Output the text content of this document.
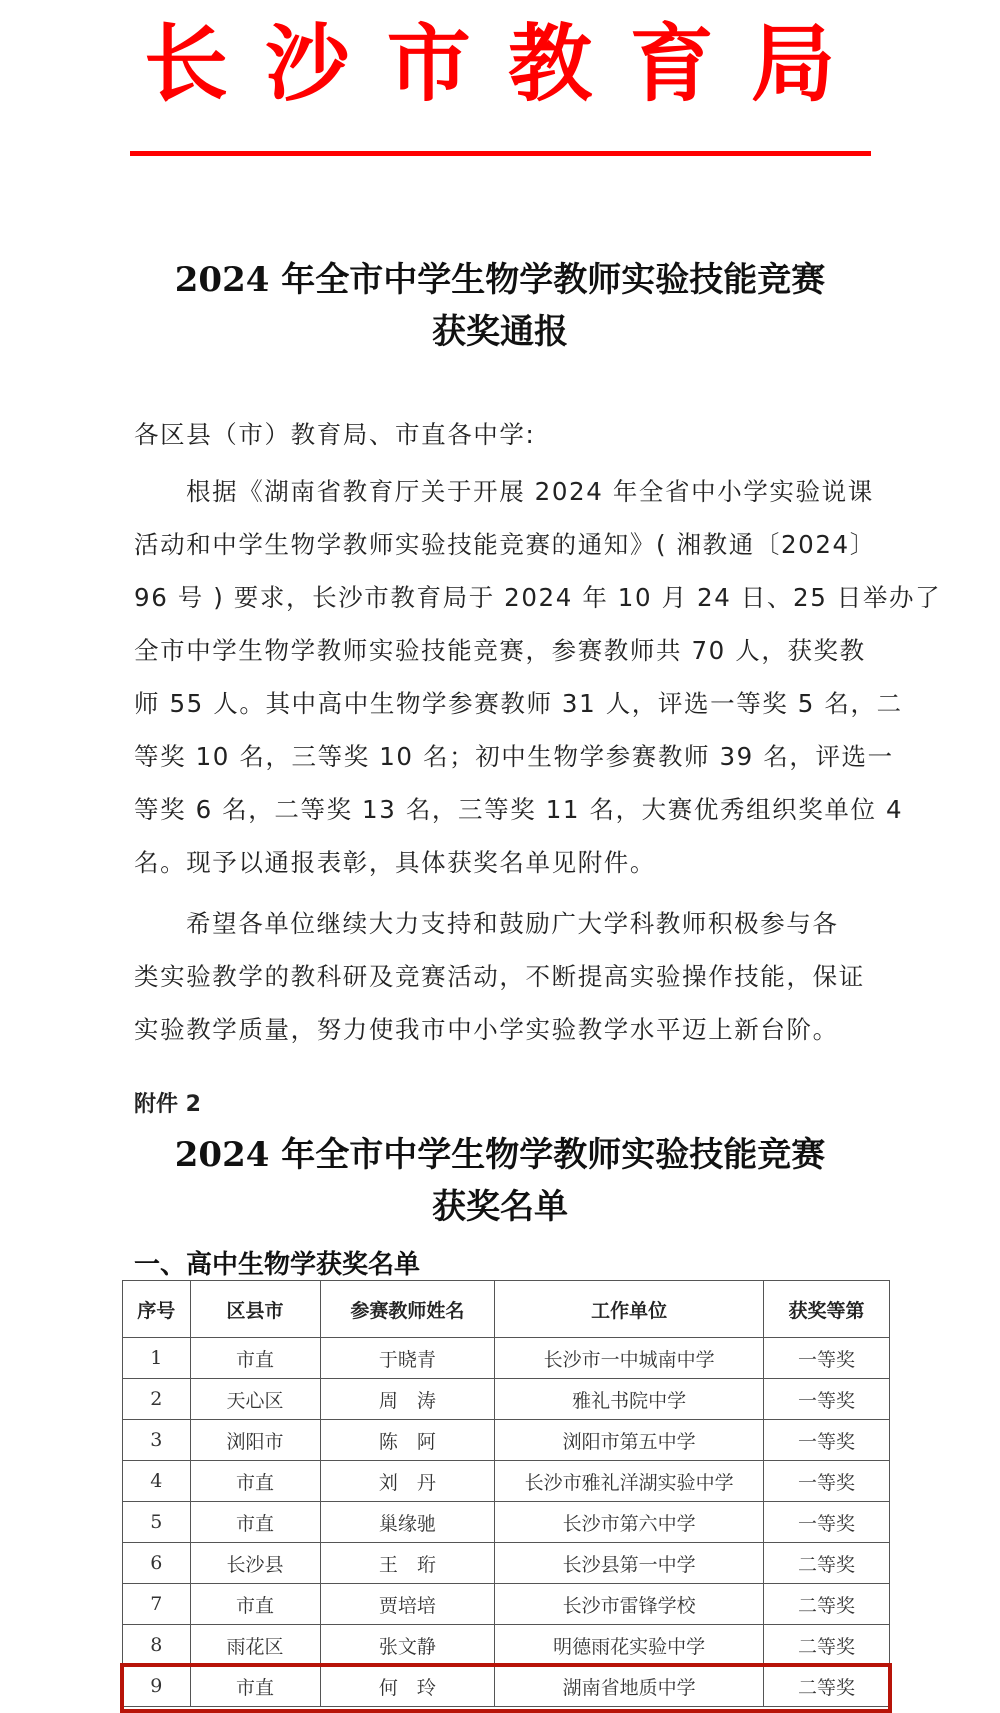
长 沙 市 教 育 局
2024 年全市中学生物学教师实验技能竞赛
获奖通报
各区县（市）教育局、市直各中学:
根据《湖南省教育厅关于开展 2024 年全省中小学实验说课
活动和中学生物学教师实验技能竞赛的通知》( 湘教通〔2024〕
96 号 ) 要求，长沙市教育局于 2024 年 10 月 24 日、25 日举办了
全市中学生物学教师实验技能竞赛，参赛教师共 70 人，获奖教
师 55 人。其中高中生物学参赛教师 31 人，评选一等奖 5 名，二
等奖 10 名，三等奖 10 名；初中生物学参赛教师 39 名，评选一
等奖 6 名，二等奖 13 名，三等奖 11 名，大赛优秀组织奖单位 4
名。现予以通报表彰，具体获奖名单见附件。
希望各单位继续大力支持和鼓励广大学科教师积极参与各
类实验教学的教科研及竞赛活动，不断提高实验操作技能，保证
实验教学质量，努力使我市中小学实验教学水平迈上新台阶。
附件 2
2024 年全市中学生物学教师实验技能竞赛
获奖名单
一、高中生物学获奖名单
序号	区县市	参赛教师姓名	工作单位	获奖等第
1	市直	于晓青	长沙市一中城南中学	一等奖
2	天心区	周　涛	雅礼书院中学	一等奖
3	浏阳市	陈　阿	浏阳市第五中学	一等奖
4	市直	刘　丹	长沙市雅礼洋湖实验中学	一等奖
5	市直	巢缘驰	长沙市第六中学	一等奖
6	长沙县	王　珩	长沙县第一中学	二等奖
7	市直	贾培培	长沙市雷锋学校	二等奖
8	雨花区	张文静	明德雨花实验中学	二等奖
9	市直	何　玲	湖南省地质中学	二等奖
